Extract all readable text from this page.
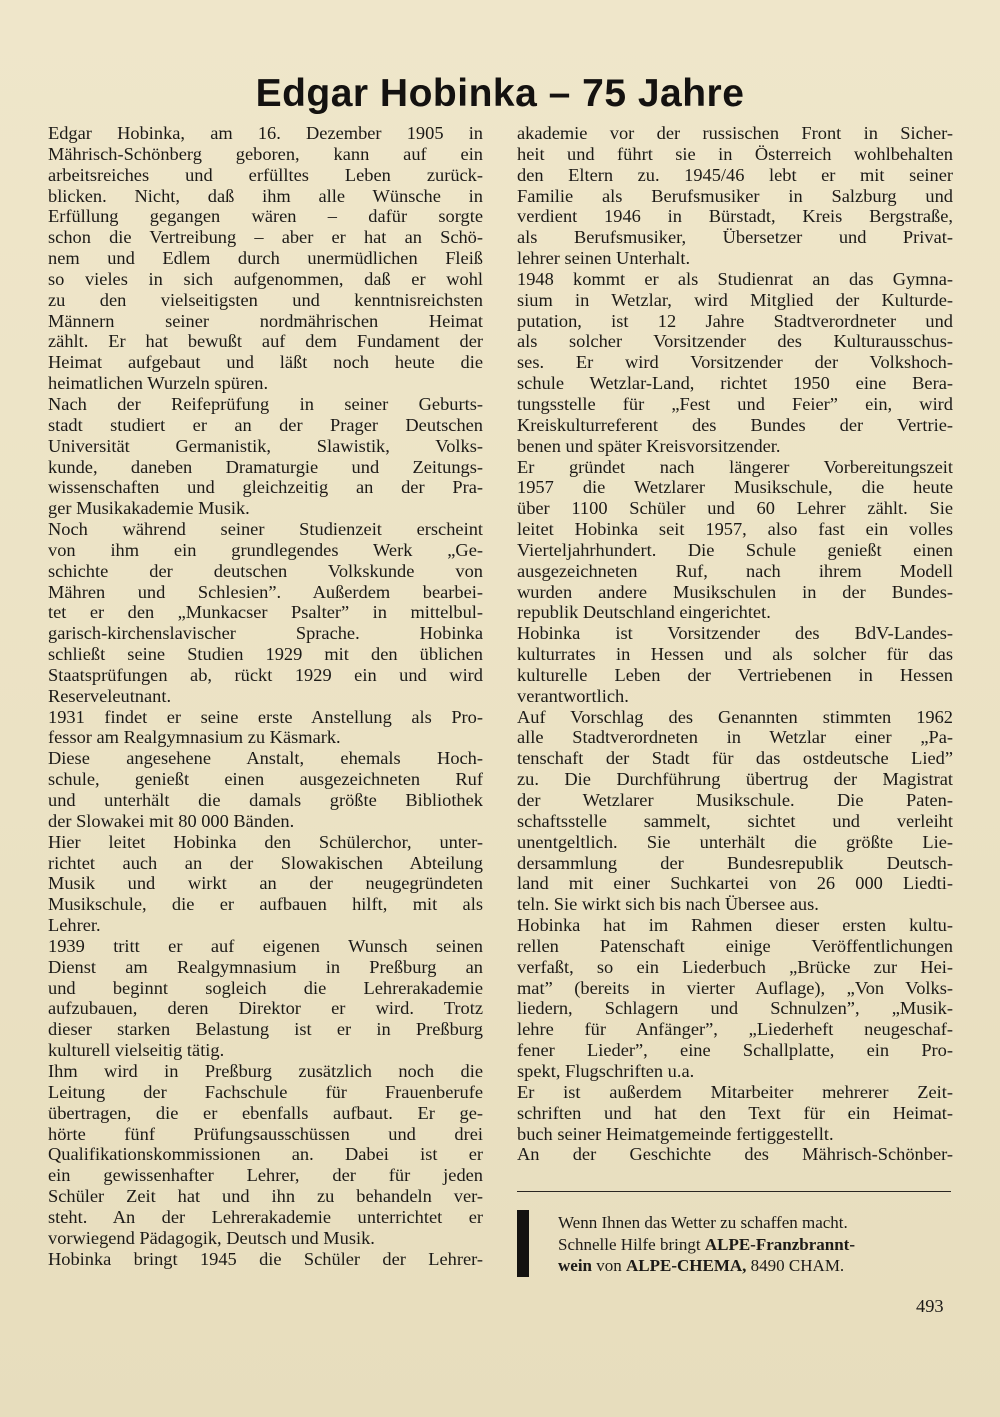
Edgar Hobinka – 75 Jahre
Edgar Hobinka, am 16. Dezember 1905 in
Mährisch-Schönberg geboren, kann auf ein
arbeitsreiches und erfülltes Leben zurück-
blicken. Nicht, daß ihm alle Wünsche in
Erfüllung gegangen wären – dafür sorgte
schon die Vertreibung – aber er hat an Schö-
nem und Edlem durch unermüdlichen Fleiß
so vieles in sich aufgenommen, daß er wohl
zu den vielseitigsten und kenntnisreichsten
Männern seiner nordmährischen Heimat
zählt. Er hat bewußt auf dem Fundament der
Heimat aufgebaut und läßt noch heute die
heimatlichen Wurzeln spüren.
Nach der Reifeprüfung in seiner Geburts-
stadt studiert er an der Prager Deutschen
Universität Germanistik, Slawistik, Volks-
kunde, daneben Dramaturgie und Zeitungs-
wissenschaften und gleichzeitig an der Pra-
ger Musikakademie Musik.
Noch während seiner Studienzeit erscheint
von ihm ein grundlegendes Werk „Ge-
schichte der deutschen Volkskunde von
Mähren und Schlesien”. Außerdem bearbei-
tet er den „Munkacser Psalter” in mittelbul-
garisch-kirchenslavischer Sprache. Hobinka
schließt seine Studien 1929 mit den üblichen
Staatsprüfungen ab, rückt 1929 ein und wird
Reserveleutnant.
1931 findet er seine erste Anstellung als Pro-
fessor am Realgymnasium zu Käsmark.
Diese angesehene Anstalt, ehemals Hoch-
schule, genießt einen ausgezeichneten Ruf
und unterhält die damals größte Bibliothek
der Slowakei mit 80 000 Bänden.
Hier leitet Hobinka den Schülerchor, unter-
richtet auch an der Slowakischen Abteilung
Musik und wirkt an der neugegründeten
Musikschule, die er aufbauen hilft, mit als
Lehrer.
1939 tritt er auf eigenen Wunsch seinen
Dienst am Realgymnasium in Preßburg an
und beginnt sogleich die Lehrerakademie
aufzubauen, deren Direktor er wird. Trotz
dieser starken Belastung ist er in Preßburg
kulturell vielseitig tätig.
Ihm wird in Preßburg zusätzlich noch die
Leitung der Fachschule für Frauenberufe
übertragen, die er ebenfalls aufbaut. Er ge-
hörte fünf Prüfungsausschüssen und drei
Qualifikationskommissionen an. Dabei ist er
ein gewissenhafter Lehrer, der für jeden
Schüler Zeit hat und ihn zu behandeln ver-
steht. An der Lehrerakademie unterrichtet er
vorwiegend Pädagogik, Deutsch und Musik.
Hobinka bringt 1945 die Schüler der Lehrer-
akademie vor der russischen Front in Sicher-
heit und führt sie in Österreich wohlbehalten
den Eltern zu. 1945/46 lebt er mit seiner
Familie als Berufsmusiker in Salzburg und
verdient 1946 in Bürstadt, Kreis Bergstraße,
als Berufsmusiker, Übersetzer und Privat-
lehrer seinen Unterhalt.
1948 kommt er als Studienrat an das Gymna-
sium in Wetzlar, wird Mitglied der Kulturde-
putation, ist 12 Jahre Stadtverordneter und
als solcher Vorsitzender des Kulturausschus-
ses. Er wird Vorsitzender der Volkshoch-
schule Wetzlar-Land, richtet 1950 eine Bera-
tungsstelle für „Fest und Feier” ein, wird
Kreiskulturreferent des Bundes der Vertrie-
benen und später Kreisvorsitzender.
Er gründet nach längerer Vorbereitungszeit
1957 die Wetzlarer Musikschule, die heute
über 1100 Schüler und 60 Lehrer zählt. Sie
leitet Hobinka seit 1957, also fast ein volles
Vierteljahrhundert. Die Schule genießt einen
ausgezeichneten Ruf, nach ihrem Modell
wurden andere Musikschulen in der Bundes-
republik Deutschland eingerichtet.
Hobinka ist Vorsitzender des BdV-Landes-
kulturrates in Hessen und als solcher für das
kulturelle Leben der Vertriebenen in Hessen
verantwortlich.
Auf Vorschlag des Genannten stimmten 1962
alle Stadtverordneten in Wetzlar einer „Pa-
tenschaft der Stadt für das ostdeutsche Lied”
zu. Die Durchführung übertrug der Magistrat
der Wetzlarer Musikschule. Die Paten-
schaftsstelle sammelt, sichtet und verleiht
unentgeltlich. Sie unterhält die größte Lie-
dersammlung der Bundesrepublik Deutsch-
land mit einer Suchkartei von 26 000 Liedti-
teln. Sie wirkt sich bis nach Übersee aus.
Hobinka hat im Rahmen dieser ersten kultu-
rellen Patenschaft einige Veröffentlichungen
verfaßt, so ein Liederbuch „Brücke zur Hei-
mat” (bereits in vierter Auflage), „Von Volks-
liedern, Schlagern und Schnulzen”, „Musik-
lehre für Anfänger”, „Liederheft neugeschaf-
fener Lieder”, eine Schallplatte, ein Pro-
spekt, Flugschriften u.a.
Er ist außerdem Mitarbeiter mehrerer Zeit-
schriften und hat den Text für ein Heimat-
buch seiner Heimatgemeinde fertiggestellt.
An der Geschichte des Mährisch-Schönber-
Wenn Ihnen das Wetter zu schaffen macht.
Schnelle Hilfe bringt ALPE-Franzbrannt-
wein von ALPE-CHEMA, 8490 CHAM.
493
